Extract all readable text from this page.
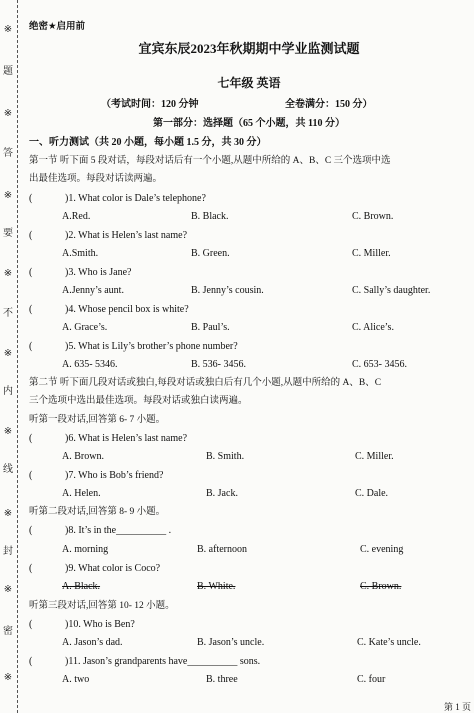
※
题
※
答
※
要
※
不
※
内
※
线
※
封
※
密
※
绝密★启用前
宜宾东辰2023年秋期期中学业监测试题
七年级 英语
（考试时间：120 分钟	全卷满分：150 分）
第一部分：选择题（65 个小题，共 110 分）
一、听力测试（共 20 小题，每小题 1.5 分，共 30 分）
第一节 听下面 5 段对话，每段对话后有一个小题,从题中所给的 A、B、C 三个选项中选
出最佳选项。每段对话读两遍。
(	)1. What color is Dale’s telephone?
A.Red.	B. Black.	C. Brown.
(	)2. What is Helen’s last name?
A.Smith.	B. Green.	C. Miller.
(	)3. Who is Jane?
A.Jenny’s aunt.	B. Jenny’s cousin.	C. Sally’s daughter.
(	)4. Whose pencil box is white?
A. Grace’s.	B. Paul’s.	C. Alice’s.
(	)5. What is Lily’s brother’s phone number?
A. 635- 5346.	B. 536- 3456.	C. 653- 3456.
第二节 听下面几段对话或独白,每段对话或独白后有几个小题,从题中所给的 A、B、C
三个选项中选出最佳选项。每段对话或独白读两遍。
听第一段对话,回答第 6- 7 小题。
(	)6. What is Helen’s last name?
A. Brown.	B. Smith.	C. Miller.
(	)7. Who is Bob’s friend?
A. Helen.	B. Jack.	C. Dale.
听第二段对话,回答第 8- 9 小题。
(	)8. It’s in the__________ .
A. morning	B. afternoon	C. evening
(	)9. What color is Coco?
A. Black.	B. White.	C. Brown.
听第三段对话,回答第 10- 12 小题。
(	)10. Who is Ben?
A. Jason’s dad.	B. Jason’s uncle.	C. Kate’s uncle.
(	)11. Jason’s grandparents have__________ sons.
A. two	B. three	C. four
第 1 页
